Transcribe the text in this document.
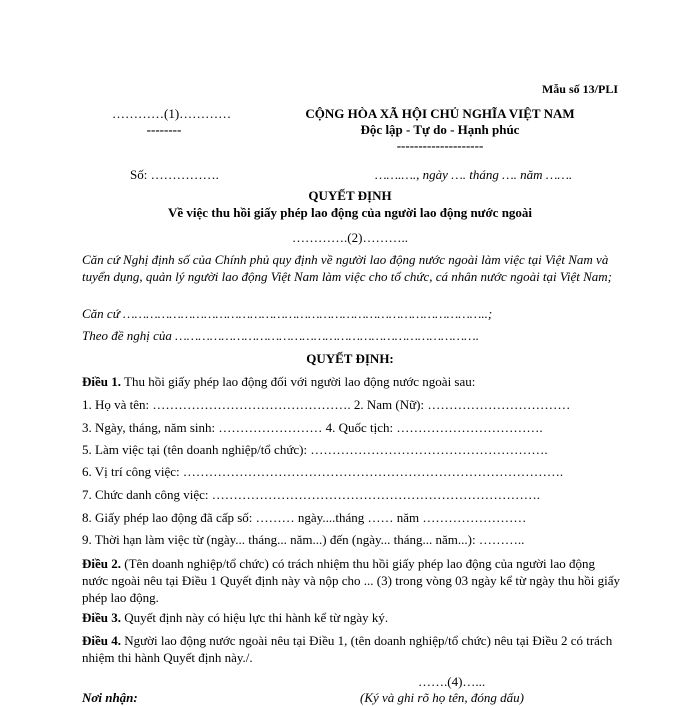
Mẫu số 13/PLI
…………(1)…………
--------
CỘNG HÒA XÃ HỘI CHỦ NGHĨA VIỆT NAM
Độc lập - Tự do - Hạnh phúc
--------------------
Số: …………….	…….…., ngày …. tháng …. năm …….
QUYẾT ĐỊNH
Về việc thu hồi giấy phép lao động của người lao động nước ngoài
………….(2)………..
Căn cứ Nghị định số của Chính phủ quy định về người lao động nước ngoài làm việc tại Việt Nam và tuyển dụng, quản lý người lao động Việt Nam làm việc cho tổ chức, cá nhân nước ngoài tại Việt Nam;
Căn cứ …………………………………………………………………………………..;
Theo đề nghị của …………………………………………………………………….
QUYẾT ĐỊNH:
Điều 1. Thu hồi giấy phép lao động đối với người lao động nước ngoài sau:
1. Họ và tên: ………………………………………. 2. Nam (Nữ): ……………………………
3. Ngày, tháng, năm sinh: …………………… 4. Quốc tịch: …………………………….
5. Làm việc tại (tên doanh nghiệp/tổ chức): ……………………………………………….
6. Vị trí công việc: …………………………………………………………………………….
7. Chức danh công việc: ………………………………………………………………….
8. Giấy phép lao động đã cấp số: ……… ngày....tháng …… năm ……………………
9. Thời hạn làm việc từ (ngày... tháng... năm...) đến (ngày... tháng... năm...): ………..
Điều 2. (Tên doanh nghiệp/tổ chức) có trách nhiệm thu hồi giấy phép lao động của người lao động nước ngoài nêu tại Điều 1 Quyết định này và nộp cho ... (3) trong vòng 03 ngày kể từ ngày thu hồi giấy phép lao động.
Điều 3. Quyết định này có hiệu lực thi hành kể từ ngày ký.
Điều 4. Người lao động nước ngoài nêu tại Điều 1, (tên doanh nghiệp/tổ chức) nêu tại Điều 2 có trách nhiệm thi hành Quyết định này./.
…….(4)…...
Nơi nhận:	(Ký và ghi rõ họ tên, đóng dấu)
